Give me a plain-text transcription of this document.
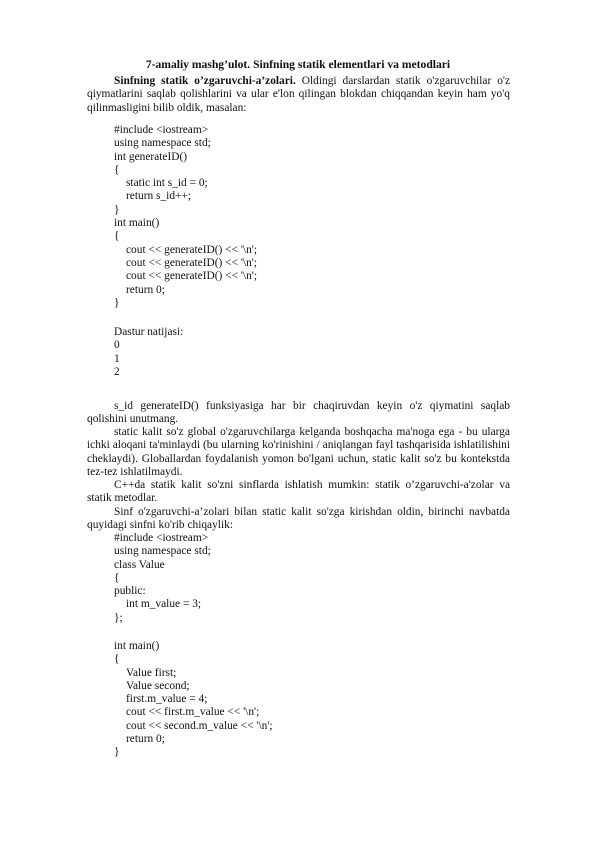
7-amaliy mashg’ulot. Sinfning statik elementlari va metodlari

Sinfning statik o’zgaruvchi-a’zolari. Oldingi darslardan statik o'zgaruvchilar o'z qiymatlarini saqlab qolishlarini va ular e'lon qilingan blokdan chiqqandan keyin ham yo'q qilinmasligini bilib oldik, masalan:

#include <iostream>
using namespace std;
int generateID()
{
static int s_id = 0;
return s_id++;
}
int main()
{
cout << generateID() << '\n';
cout << generateID() << '\n';
cout << generateID() << '\n';
return 0;
}
Dastur natijasi:
0
1
2

s_id generateID() funksiyasiga har bir chaqiruvdan keyin o'z qiymatini saqlab qolishini unutmang.

static kalit so'z global o'zgaruvchilarga kelganda boshqacha ma'noga ega - bu ularga ichki aloqani ta'minlaydi (bu ularning ko'rinishini / aniqlangan fayl tashqarisida ishlatilishini cheklaydi). Globallardan foydalanish yomon bo'lgani uchun, static kalit so'z bu kontekstda tez-tez ishlatilmaydi.

C++da statik kalit so'zni sinflarda ishlatish mumkin: statik o’zgaruvchi-a'zolar va statik metodlar.

Sinf o'zgaruvchi-a’zolari bilan static kalit so'zga kirishdan oldin, birinchi navbatda quyidagi sinfni ko'rib chiqaylik:

#include <iostream>
using namespace std;
class Value
{
public:
int m_value = 3;
};
int main()
{
Value first;
Value second;
first.m_value = 4;
cout << first.m_value << '\n';
cout << second.m_value << '\n';
return 0;
}
